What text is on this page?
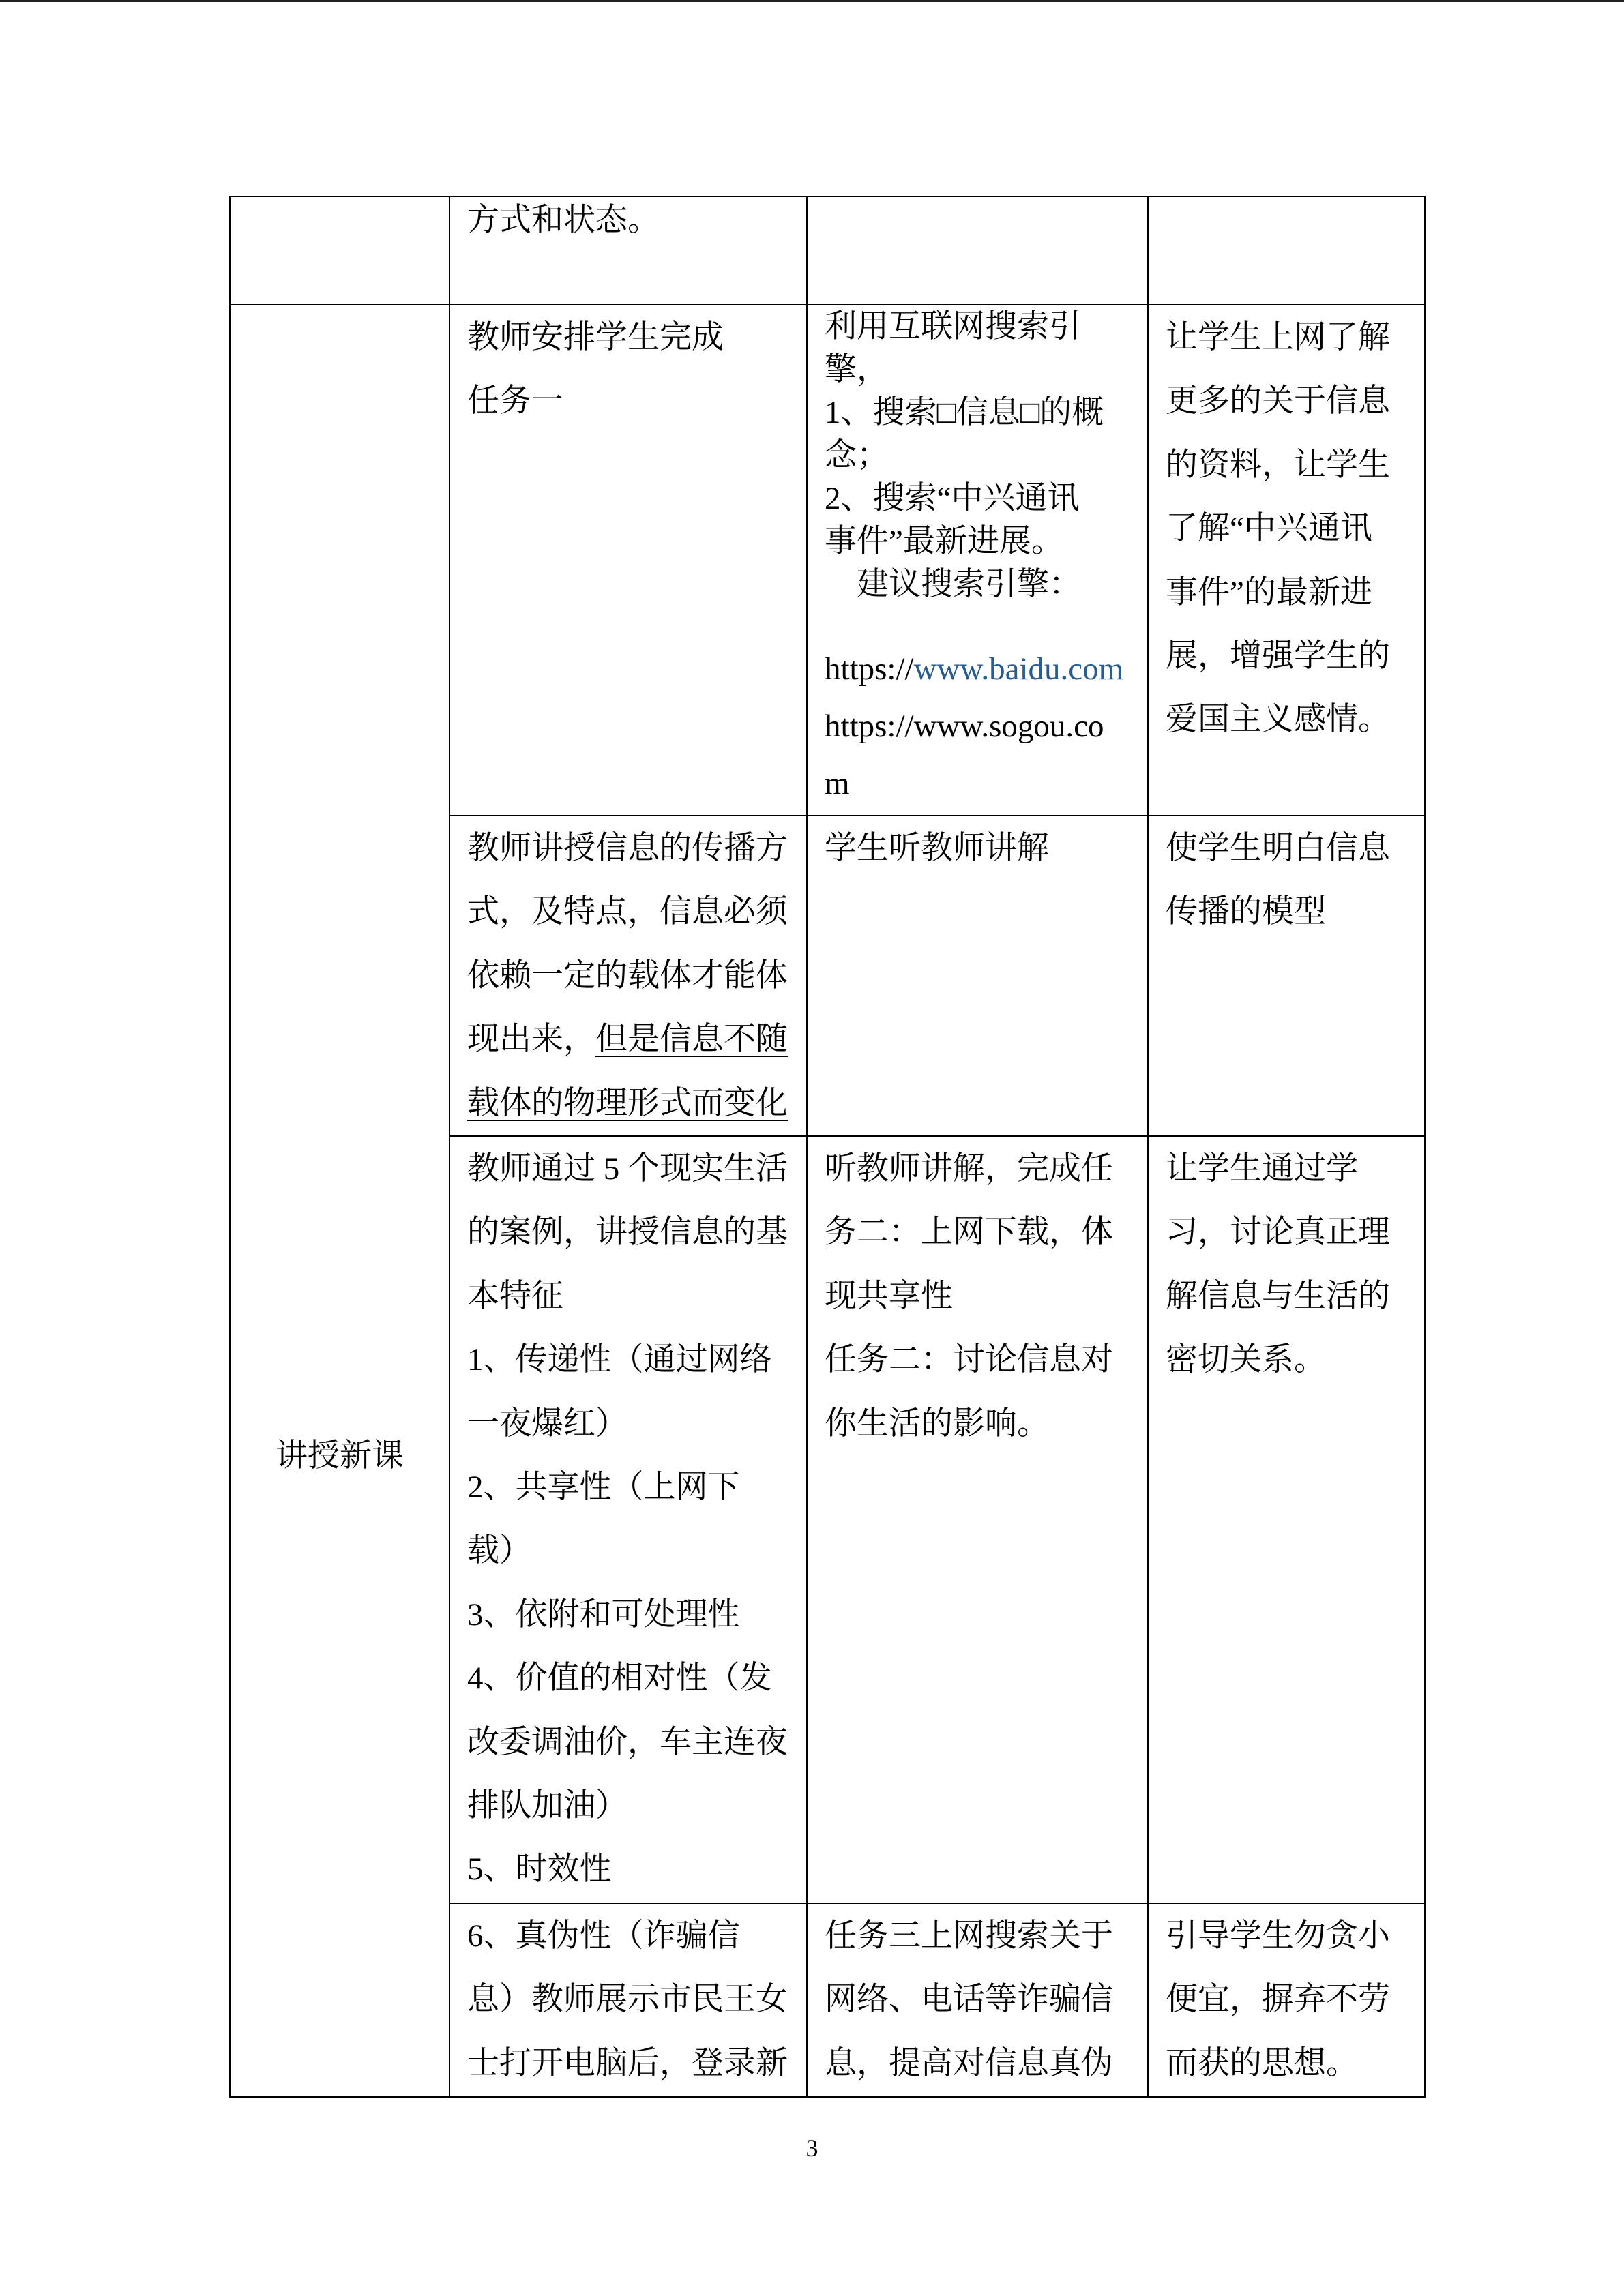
方式和状态。
讲授新课
教师安排学生完成
任务一
利用互联网搜索引
擎，
1、搜索□信息□的概
念；
2、搜索“中兴通讯
事件”最新进展。
建议搜索引擎：
https://www.baidu.com
https://www.sogou.co
m
让学生上网了解
更多的关于信息
的资料，让学生
了解“中兴通讯
事件”的最新进
展，增强学生的
爱国主义感情。
教师讲授信息的传播方
式，及特点，信息必须
依赖一定的载体才能体
现出来，但是信息不随
载体的物理形式而变化
学生听教师讲解	使学生明白信息
传播的模型
教师通过 5 个现实生活
的案例，讲授信息的基
本特征
1、传递性（通过网络
一夜爆红）
2、共享性（上网下
载）
3、依附和可处理性
4、价值的相对性（发
改委调油价，车主连夜
排队加油）
5、时效性
听教师讲解，完成任
务二：上网下载，体
现共享性
任务二：讨论信息对
你生活的影响。
让学生通过学
习，讨论真正理
解信息与生活的
密切关系。
6、真伪性（诈骗信
息）教师展示市民王女
士打开电脑后，登录新
任务三上网搜索关于
网络、电话等诈骗信
息，提高对信息真伪
引导学生勿贪小
便宜，摒弃不劳
而获的思想。
3
